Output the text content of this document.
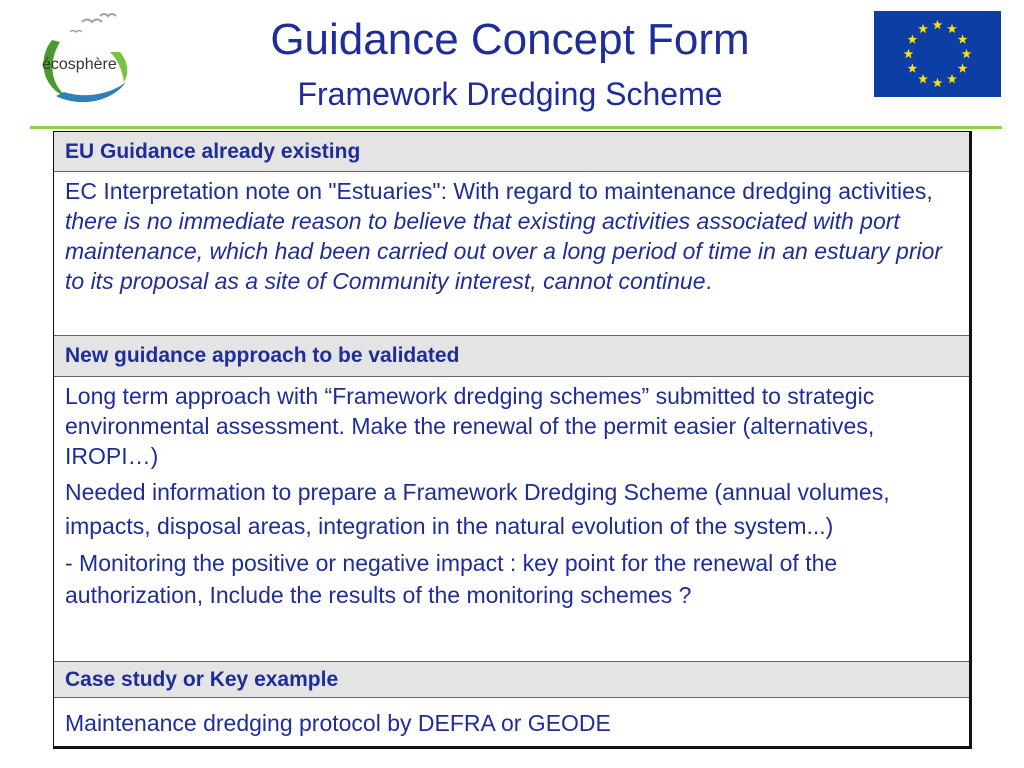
écosphère
Guidance Concept Form
Framework Dredging Scheme
EU Guidance already existing

EC Interpretation note on "Estuaries": With regard to maintenance dredging activities, there is no immediate reason to believe that existing activities associated with port maintenance, which had been carried out over a long period of time in an estuary prior to its proposal as a site of Community interest, cannot continue.

New guidance approach to be validated

Long term approach with “Framework dredging schemes” submitted to strategic environmental assessment. Make the renewal of the permit easier (alternatives, IROPI…)

Needed information to prepare a Framework Dredging Scheme (annual volumes, impacts, disposal areas, integration in the natural evolution of the system...)

- Monitoring the positive or negative impact : key point for the renewal of the authorization, Include the results of the monitoring schemes ?

Case study or Key example

Maintenance dredging protocol by DEFRA or GEODE
